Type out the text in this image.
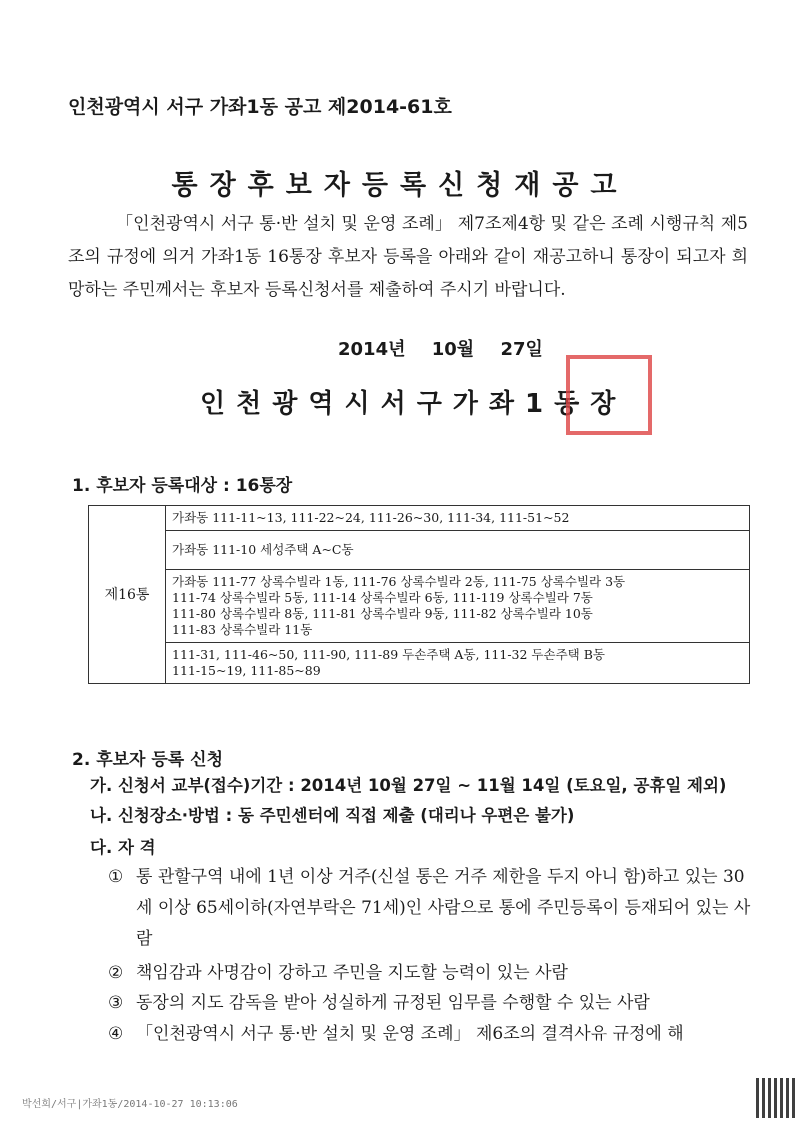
인천광역시 서구 가좌1동 공고 제2014-61호
통장후보자등록신청재공고

「인천광역시 서구 통·반 설치 및 운영 조례」 제7조제4항 및 같은 조례 시행규칙 제5조의 규정에 의거 가좌1동 16통장 후보자 등록을 아래와 같이 재공고하니 통장이 되고자 희망하는 주민께서는 후보자 등록신청서를 제출하여 주시기 바랍니다.

2014년 10월 27일
인천광역시서구가좌1동장
1. 후보자 등록대상 : 16통장
제16통	
가좌동 111-11~13, 111-22~24, 111-26~30, 111-34, 111-51~52

가좌동 111-10 세성주택 A~C동

가좌동 111-77 상록수빌라 1동, 111-76 상록수빌라 2동, 111-75 상록수빌라 3동
111-74 상록수빌라 5동, 111-14 상록수빌라 6동, 111-119 상록수빌라 7동
111-80 상록수빌라 8동, 111-81 상록수빌라 9동, 111-82 상록수빌라 10동
111-83 상록수빌라 11동

111-31, 111-46~50, 111-90, 111-89 두손주택 A동, 111-32 두손주택 B동
111-15~19, 111-85~89
2. 후보자 등록 신청
가. 신청서 교부(접수)기간 : 2014년 10월 27일 ~ 11월 14일 (토요일, 공휴일 제외)
나. 신청장소·방법 : 동 주민센터에 직접 제출 (대리나 우편은 불가)
다. 자 격
① 통 관할구역 내에 1년 이상 거주(신설 통은 거주 제한을 두지 아니 함)하고 있는 30세 이상 65세이하(자연부락은 71세)인 사람으로 통에 주민등록이 등재되어 있는 사람
② 책임감과 사명감이 강하고 주민을 지도할 능력이 있는 사람
③ 동장의 지도 감독을 받아 성실하게 규정된 임무를 수행할 수 있는 사람
④ 「인천광역시 서구 통·반 설치 및 운영 조례」 제6조의 결격사유 규정에 해
박선희/서구|가좌1동/2014-10-27 10:13:06
